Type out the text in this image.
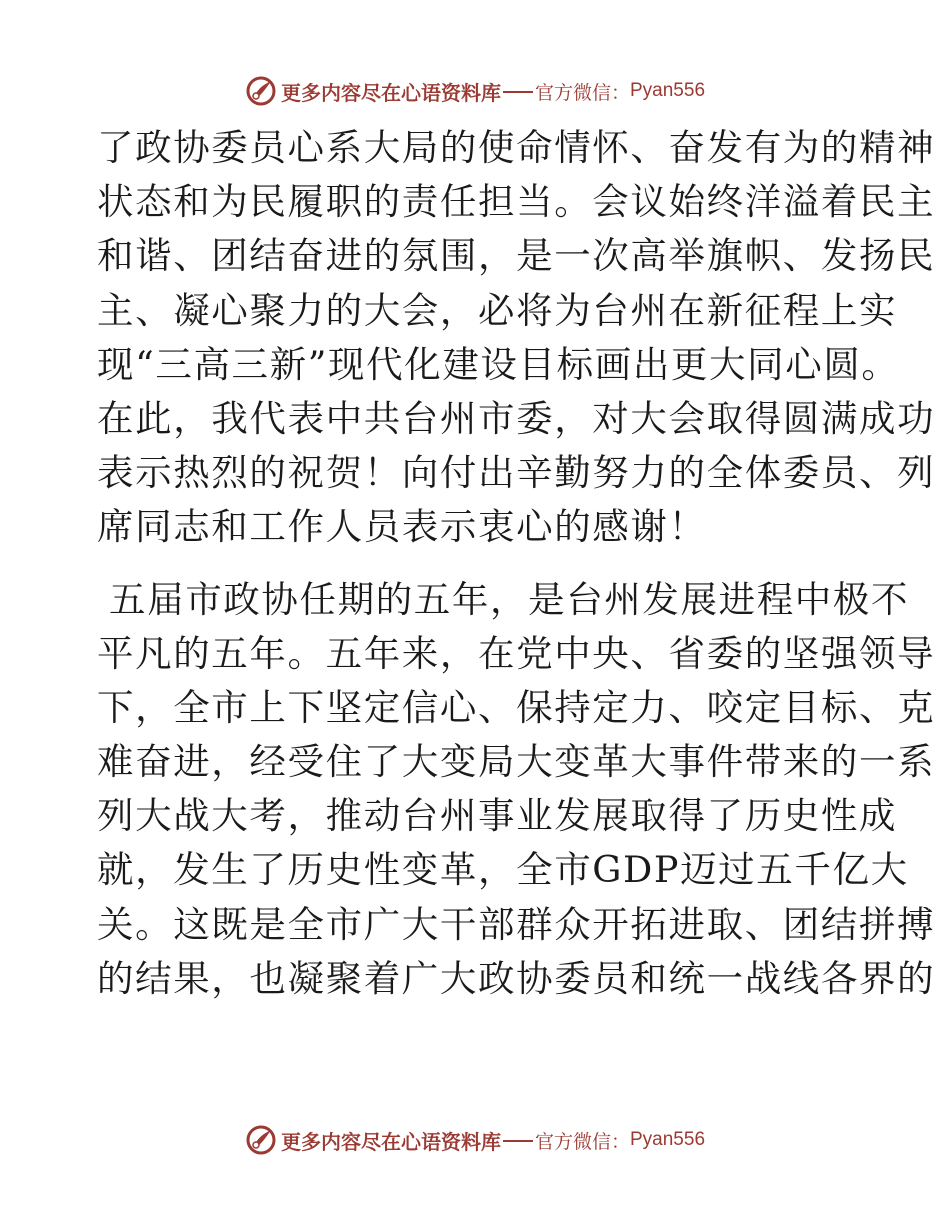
更多内容尽在心语资料库 官方微信： Pyan556

了政协委员心系大局的使命情怀、奋发有为的精神
状态和为民履职的责任担当。会议始终洋溢着民主
和谐、团结奋进的氛围，是一次高举旗帜、发扬民
主、凝心聚力的大会，必将为台州在新征程上实
现“三高三新”现代化建设目标画出更大同心圆。
在此，我代表中共台州市委，对大会取得圆满成功
表示热烈的祝贺！向付出辛勤努力的全体委员、列
席同志和工作人员表示衷心的感谢！

五届市政协任期的五年，是台州发展进程中极不
平凡的五年。五年来，在党中央、省委的坚强领导
下，全市上下坚定信心、保持定力、咬定目标、克
难奋进，经受住了大变局大变革大事件带来的一系
列大战大考，推动台州事业发展取得了历史性成
就，发生了历史性变革，全市GDP迈过五千亿大
关。这既是全市广大干部群众开拓进取、团结拼搏
的结果，也凝聚着广大政协委员和统一战线各界的

更多内容尽在心语资料库 官方微信： Pyan556
